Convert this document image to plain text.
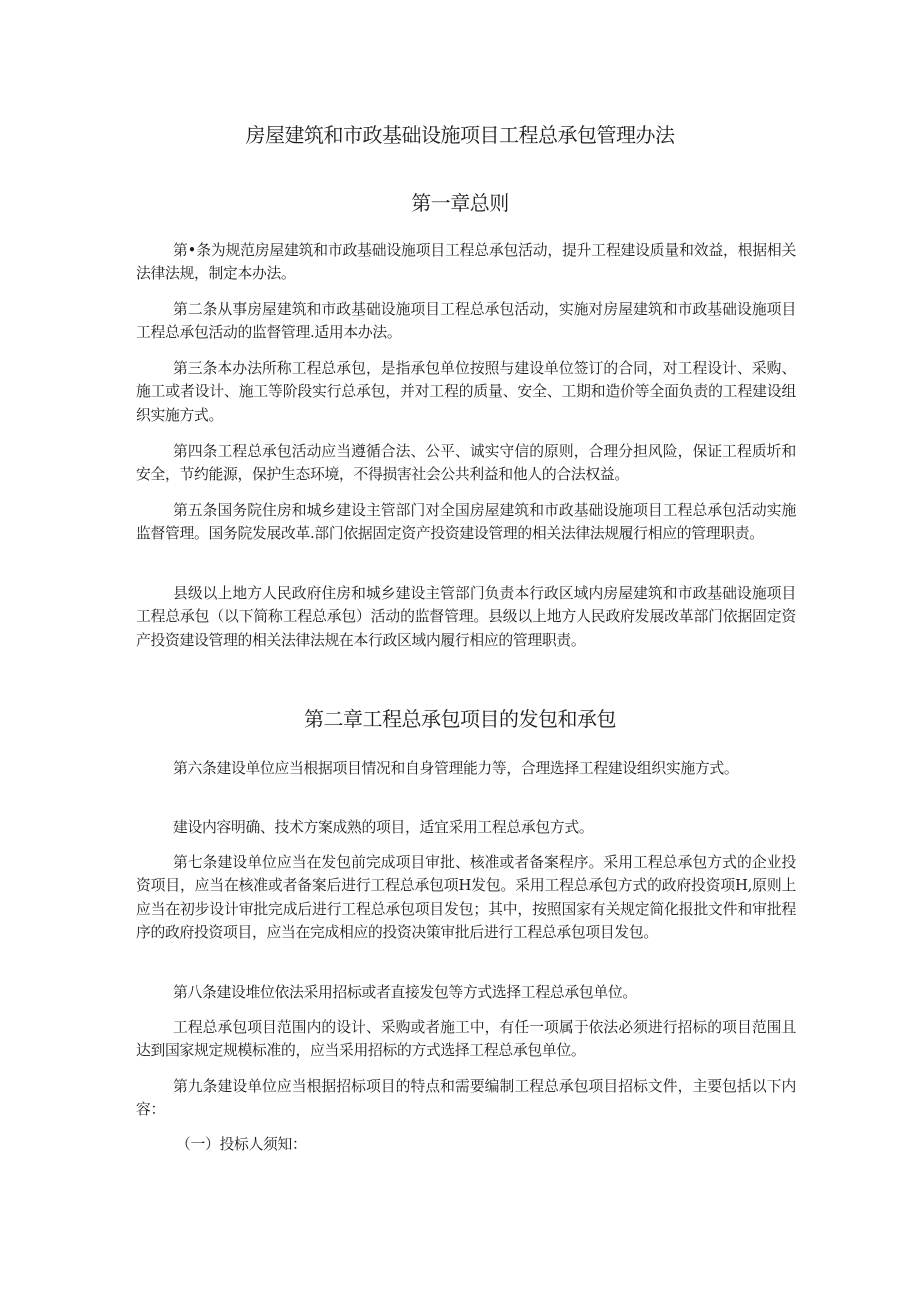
房屋建筑和市政基础设施项目工程总承包管理办法
第一章总则

第•条为规范房屋建筑和市政基础设施项目工程总承包活动，提升工程建设质量和效益，根据相关法律法规，制定本办法。

第二条从事房屋建筑和市政基础设施项目工程总承包活动，实施对房屋建筑和市政基础设施项目工程总承包活动的监督管理.适用本办法。

第三条本办法所称工程总承包，是指承包单位按照与建设单位签订的合同，对工程设计、采购、施工或者设计、施工等阶段实行总承包，并对工程的质量、安全、工期和造价等全面负责的工程建设组织实施方式。

第四条工程总承包活动应当遵循合法、公平、诚实守信的原则，合理分担风险，保证工程质圻和安全，节约能源，保护生态环境，不得损害社会公共利益和他人的合法权益。

第五条国务院住房和城乡建设主管部门对全国房屋建筑和市政基础设施项目工程总承包活动实施监督管理。国务院发展改革.部门依据固定资产投资建设管理的相关法律法规履行相应的管理职责。

县级以上地方人民政府住房和城乡建设主管部门负责本行政区域内房屋建筑和市政基础设施项目工程总承包（以下简称工程总承包）活动的监督管理。县级以上地方人民政府发展改革部门依据固定资产投资建设管理的相关法律法规在本行政区域内履行相应的管理职责。

第二章工程总承包项目的发包和承包

第六条建设单位应当根据项目情况和自身管理能力等，合理选择工程建设组织实施方式。

建设内容明确、技术方案成熟的项目，适宜采用工程总承包方式。

第七条建设单位应当在发包前完成项目审批、核准或者备案程序。采用工程总承包方式的企业投资项目，应当在核准或者备案后进行工程总承包项H发包。采用工程总承包方式的政府投资项H,原则上应当在初步设计审批完成后进行工程总承包项目发包；其中，按照国家有关规定简化报批文件和审批程序的政府投资项目，应当在完成相应的投资决策审批后进行工程总承包项目发包。

第八条建设堆位依法采用招标或者直接发包等方式选择工程总承包单位。

工程总承包项目范围内的设计、采购或者施工中，有任一项属于依法必须进行招标的项目范围且达到国家规定规模标准的，应当采用招标的方式选择工程总承包单位。

第九条建设单位应当根据招标项目的特点和需要编制工程总承包项目招标文件，主要包括以下内容：

（一）投标人须知：
